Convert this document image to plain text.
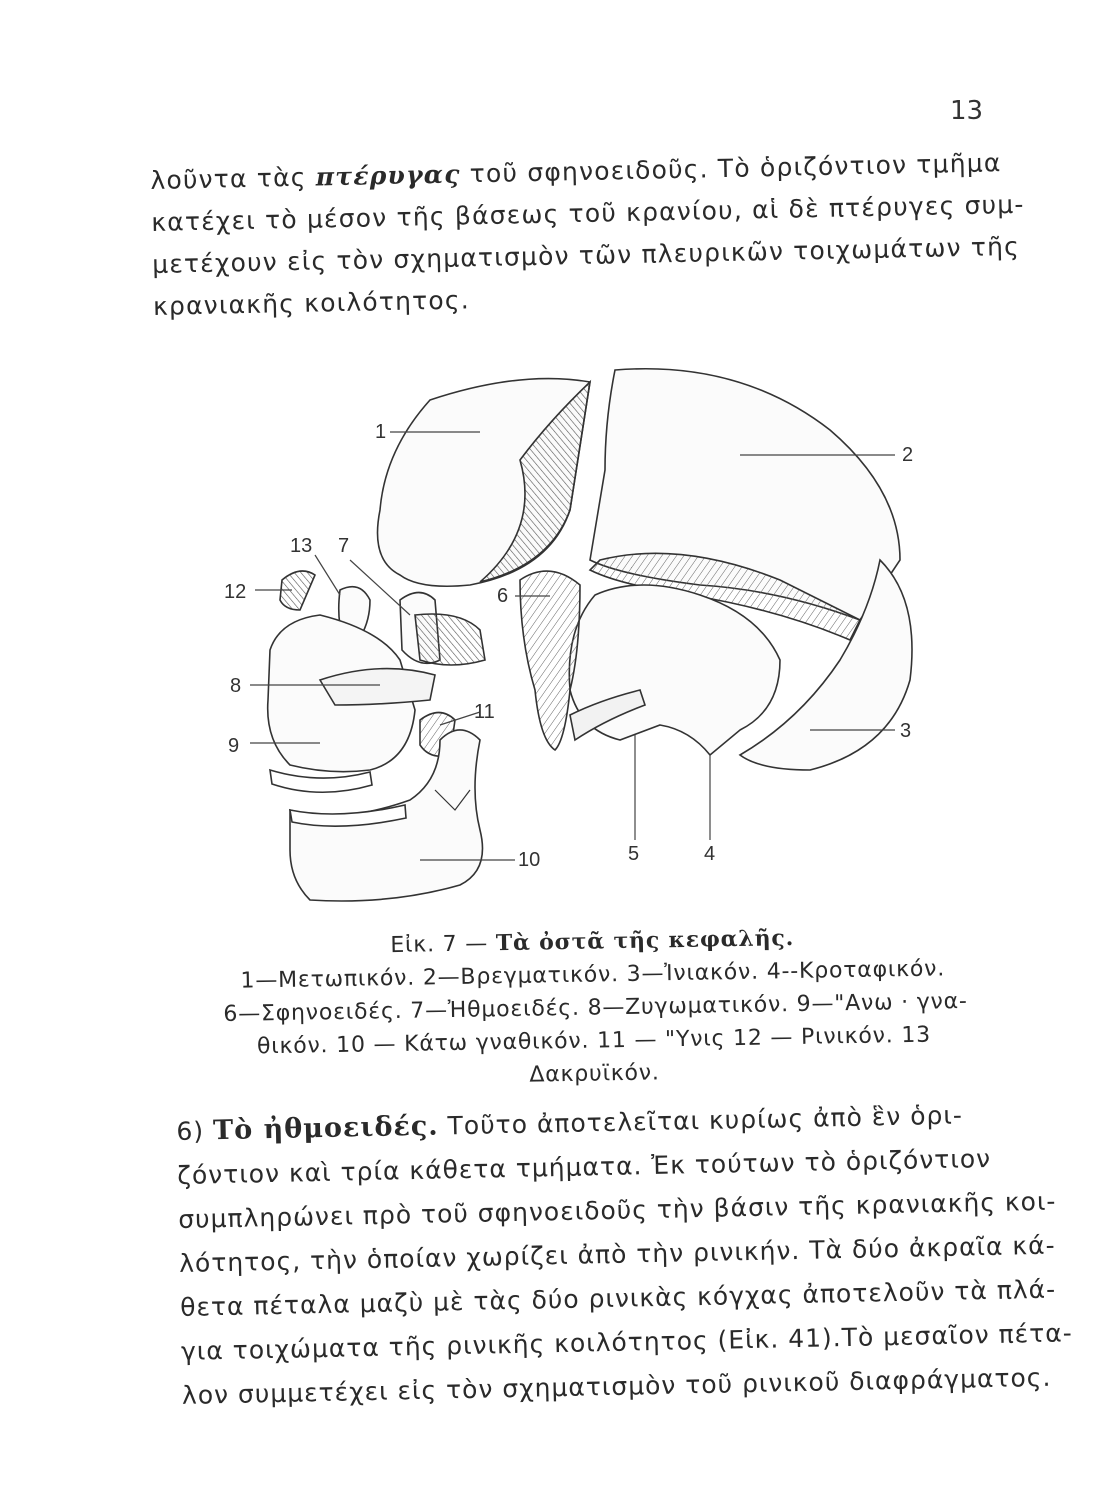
13
λοῦντα τὰς πτέρυγας τοῦ σφηνοειδοῦς. Τὸ ὁριζόντιον τμῆμα
κατέχει τὸ μέσον τῆς βάσεως τοῦ κρανίου, αἱ δὲ πτέρυγες συμ-
μετέχουν εἰς τὸν σχηματισμὸν τῶν πλευρικῶν τοιχωμάτων τῆς
κρανιακῆς κοιλότητος.
1
2
3
4
5
6
7
8
9
10
11
12
13
Εἰκ. 7 — Τὰ ὀστᾶ τῆς κεφαλῆς.
1—Μετωπικόν. 2—Βρεγματικόν. 3—Ἰνιακόν. 4--Κροταφικόν.
6—Σφηνοειδές. 7—Ἠθμοειδές. 8—Ζυγωματικόν. 9—"Ανω · γνα-
θικόν. 10 — Κάτω γναθικόν. 11 — "Υνις 12 — Ρινικόν. 13
Δακρυϊκόν.
6) Τὸ ἠθμοειδές. Τοῦτο ἀποτελεῖται κυρίως ἀπὸ ἓν ὁρι-
ζόντιον καὶ τρία κάθετα τμήματα. Ἐκ τούτων τὸ ὁριζόντιον
συμπληρώνει πρὸ τοῦ σφηνοειδοῦς τὴν βάσιν τῆς κρανιακῆς κοι-
λότητος, τὴν ὁποίαν χωρίζει ἀπὸ τὴν ρινικήν. Τὰ δύο ἀκραῖα κά-
θετα πέταλα μαζὺ μὲ τὰς δύο ρινικὰς κόγχας ἀποτελοῦν τὰ πλά-
για τοιχώματα τῆς ρινικῆς κοιλότητος (Εἰκ. 41).Τὸ μεσαῖον πέτα-
λον συμμετέχει εἰς τὸν σχηματισμὸν τοῦ ρινικοῦ διαφράγματος.
